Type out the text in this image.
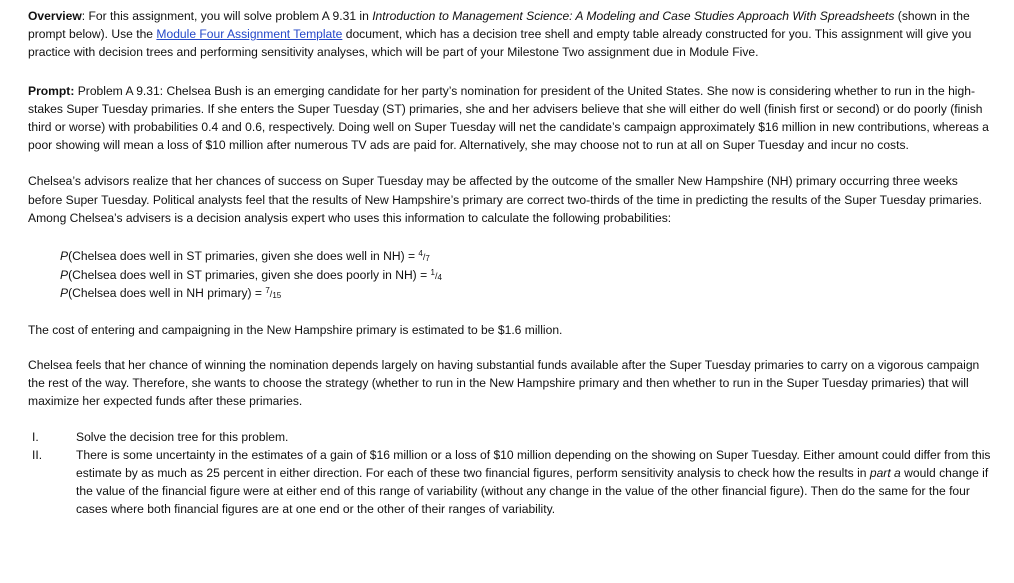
Overview: For this assignment, you will solve problem A 9.31 in Introduction to Management Science: A Modeling and Case Studies Approach With Spreadsheets (shown in the prompt below). Use the Module Four Assignment Template document, which has a decision tree shell and empty table already constructed for you. This assignment will give you practice with decision trees and performing sensitivity analyses, which will be part of your Milestone Two assignment due in Module Five.

Prompt: Problem A 9.31: Chelsea Bush is an emerging candidate for her party’s nomination for president of the United States. She now is considering whether to run in the high-stakes Super Tuesday primaries. If she enters the Super Tuesday (ST) primaries, she and her advisers believe that she will either do well (finish first or second) or do poorly (finish third or worse) with probabilities 0.4 and 0.6, respectively. Doing well on Super Tuesday will net the candidate’s campaign approximately $16 million in new contributions, whereas a poor showing will mean a loss of $10 million after numerous TV ads are paid for. Alternatively, she may choose not to run at all on Super Tuesday and incur no costs.

Chelsea’s advisors realize that her chances of success on Super Tuesday may be affected by the outcome of the smaller New Hampshire (NH) primary occurring three weeks before Super Tuesday. Political analysts feel that the results of New Hampshire’s primary are correct two-thirds of the time in predicting the results of the Super Tuesday primaries. Among Chelsea’s advisers is a decision analysis expert who uses this information to calculate the following probabilities:

P(Chelsea does well in ST primaries, given she does well in $NH) = ^4/_7$

P(Chelsea does well in ST primaries, given she does poorly in $NH) = ^1/_4$

P(Chelsea does well in NH primary) = $^7/_{15}$

The cost of entering and campaigning in the New Hampshire primary is estimated to be $1.6 million.

Chelsea feels that her chance of winning the nomination depends largely on having substantial funds available after the Super Tuesday primaries to carry on a vigorous campaign the rest of the way. Therefore, she wants to choose the strategy (whether to run in the New Hampshire primary and then whether to run in the Super Tuesday primaries) that will maximize her expected funds after these primaries.

I.	Solve the decision tree for this problem.
II.	There is some uncertainty in the estimates of a gain of $16 million or a loss of $10 million depending on the showing on Super Tuesday. Either amount could differ from this estimate by as much as 25 percent in either direction. For each of these two financial figures, perform sensitivity analysis to check how the results in part a would change if the value of the financial figure were at either end of this range of variability (without any change in the value of the other financial figure). Then do the same for the four cases where both financial figures are at one end or the other of their ranges of variability.
